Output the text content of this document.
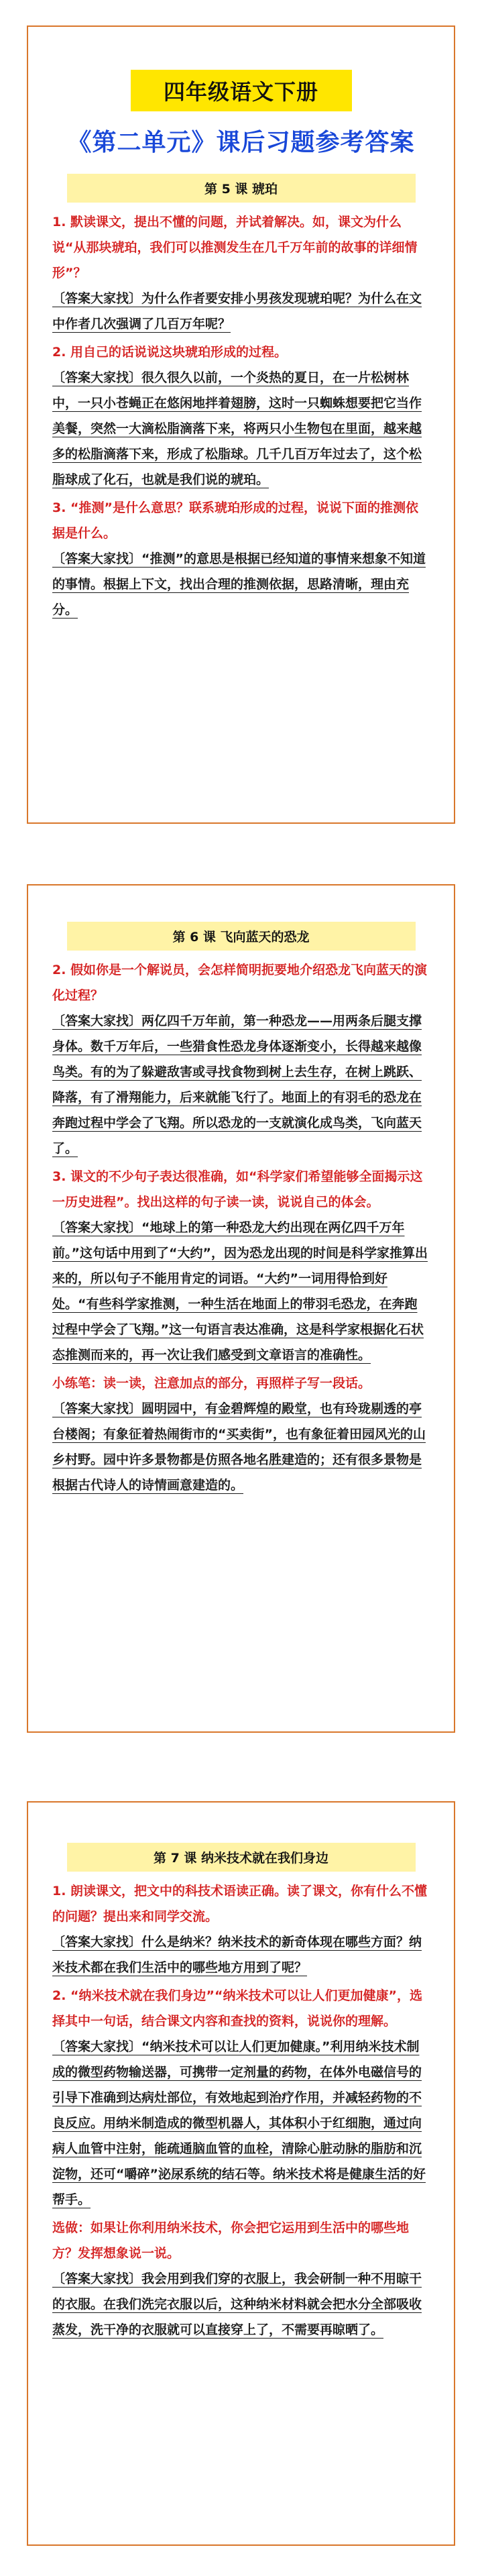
四年级语文下册
《第二单元》课后习题参考答案
第 5 课 琥珀

1. 默读课文，提出不懂的问题，并试着解决。如，课文为什么说“从那块琥珀，我们可以推测发生在几千万年前的故事的详细情形”？

〔答案大家找〕为什么作者要安排小男孩发现琥珀呢？为什么在文中作者几次强调了几百万年呢？

2. 用自己的话说说这块琥珀形成的过程。

〔答案大家找〕很久很久以前，一个炎热的夏日，在一片松树林中，一只小苍蝇正在悠闲地拌着翅膀，这时一只蜘蛛想要把它当作美餐，突然一大滴松脂滴落下来，将两只小生物包在里面，越来越多的松脂滴落下来，形成了松脂球。几千几百万年过去了，这个松脂球成了化石，也就是我们说的琥珀。

3. “推测”是什么意思？联系琥珀形成的过程，说说下面的推测依据是什么。

〔答案大家找〕“推测”的意思是根据已经知道的事情来想象不知道的事情。根据上下文，找出合理的推测依据，思路清晰，理由充分。

第 6 课 飞向蓝天的恐龙

2. 假如你是一个解说员，会怎样简明扼要地介绍恐龙飞向蓝天的演化过程？

〔答案大家找〕两亿四千万年前，第一种恐龙——用两条后腿支撑身体。数千万年后，一些猎食性恐龙身体逐渐变小，长得越来越像鸟类。有的为了躲避敌害或寻找食物到树上去生存，在树上跳跃、降落，有了滑翔能力，后来就能飞行了。地面上的有羽毛的恐龙在奔跑过程中学会了飞翔。所以恐龙的一支就演化成鸟类，飞向蓝天了。

3. 课文的不少句子表达很准确，如“科学家们希望能够全面揭示这一历史进程”。找出这样的句子读一读，说说自己的体会。

〔答案大家找〕“地球上的第一种恐龙大约出现在两亿四千万年前。”这句话中用到了“大约”，因为恐龙出现的时间是科学家推算出来的，所以句子不能用肯定的词语。“大约”一词用得恰到好处。“有些科学家推测，一种生活在地面上的带羽毛恐龙，在奔跑过程中学会了飞翔。”这一句语言表达准确，这是科学家根据化石状态推测而来的，再一次让我们感受到文章语言的准确性。

小练笔：读一读，注意加点的部分，再照样子写一段话。

〔答案大家找〕圆明园中，有金碧辉煌的殿堂，也有玲珑剔透的亭台楼阁；有象征着热闹街市的“买卖街”，也有象征着田园风光的山乡村野。园中许多景物都是仿照各地名胜建造的；还有很多景物是根据古代诗人的诗情画意建造的。

第 7 课 纳米技术就在我们身边

1. 朗读课文，把文中的科技术语读正确。读了课文，你有什么不懂的问题？提出来和同学交流。

〔答案大家找〕什么是纳米？纳米技术的新奇体现在哪些方面？纳米技术都在我们生活中的哪些地方用到了呢？

2. “纳米技术就在我们身边”“纳米技术可以让人们更加健康”，选择其中一句话，结合课文内容和查找的资料，说说你的理解。

〔答案大家找〕“纳米技术可以让人们更加健康。”利用纳米技术制成的微型药物输送器，可携带一定剂量的药物，在体外电磁信号的引导下准确到达病灶部位，有效地起到治疗作用，并减轻药物的不良反应。用纳米制造成的微型机器人，其体积小于红细胞，通过向病人血管中注射，能疏通脑血管的血栓，清除心脏动脉的脂肪和沉淀物，还可“嚼碎”泌尿系统的结石等。纳米技术将是健康生活的好帮手。

选做：如果让你利用纳米技术，你会把它运用到生活中的哪些地方？发挥想象说一说。

〔答案大家找〕我会用到我们穿的衣服上，我会研制一种不用晾干的衣服。在我们洗完衣服以后，这种纳米材料就会把水分全部吸收蒸发，洗干净的衣服就可以直接穿上了，不需要再晾晒了。
